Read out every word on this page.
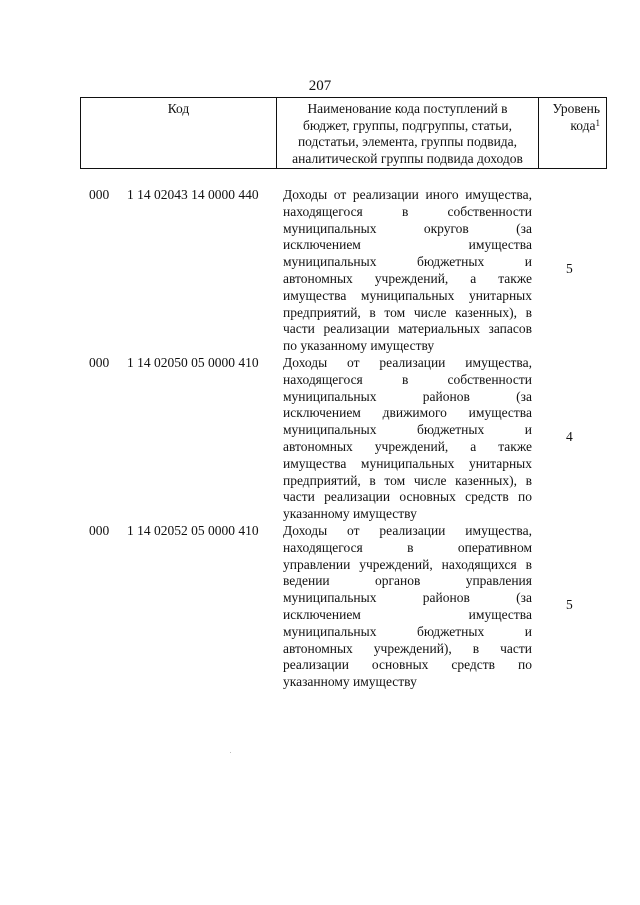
207
Код	Наименование кода поступлений в
бюджет, группы, подгруппы, статьи,
подстатьи, элемента, группы подвида,
аналитической группы подвида доходов
Уровень
кода$^1$
000 1 14 02043 14 0000 440 Доходы от реализации иного имущества,
находящегося в собственности
муниципальных округов (за
исключением имущества
муниципальных бюджетных и
автономных учреждений, а также
имущества муниципальных унитарных
предприятий, в том числе казенных), в
части реализации материальных запасов
по указанному имуществу
5
000 1 14 02050 05 0000 410 Доходы от реализации имущества,
находящегося в собственности
муниципальных районов (за
исключением движимого имущества
муниципальных бюджетных и
автономных учреждений, а также
имущества муниципальных унитарных
предприятий, в том числе казенных), в
части реализации основных средств по
указанному имуществу
4
000 1 14 02052 05 0000 410 Доходы от реализации имущества,
находящегося в оперативном
управлении учреждений, находящихся в
ведении органов управления
муниципальных районов (за
исключением имущества
муниципальных бюджетных и
автономных учреждений), в части
реализации основных средств по
указанному имуществу
5
